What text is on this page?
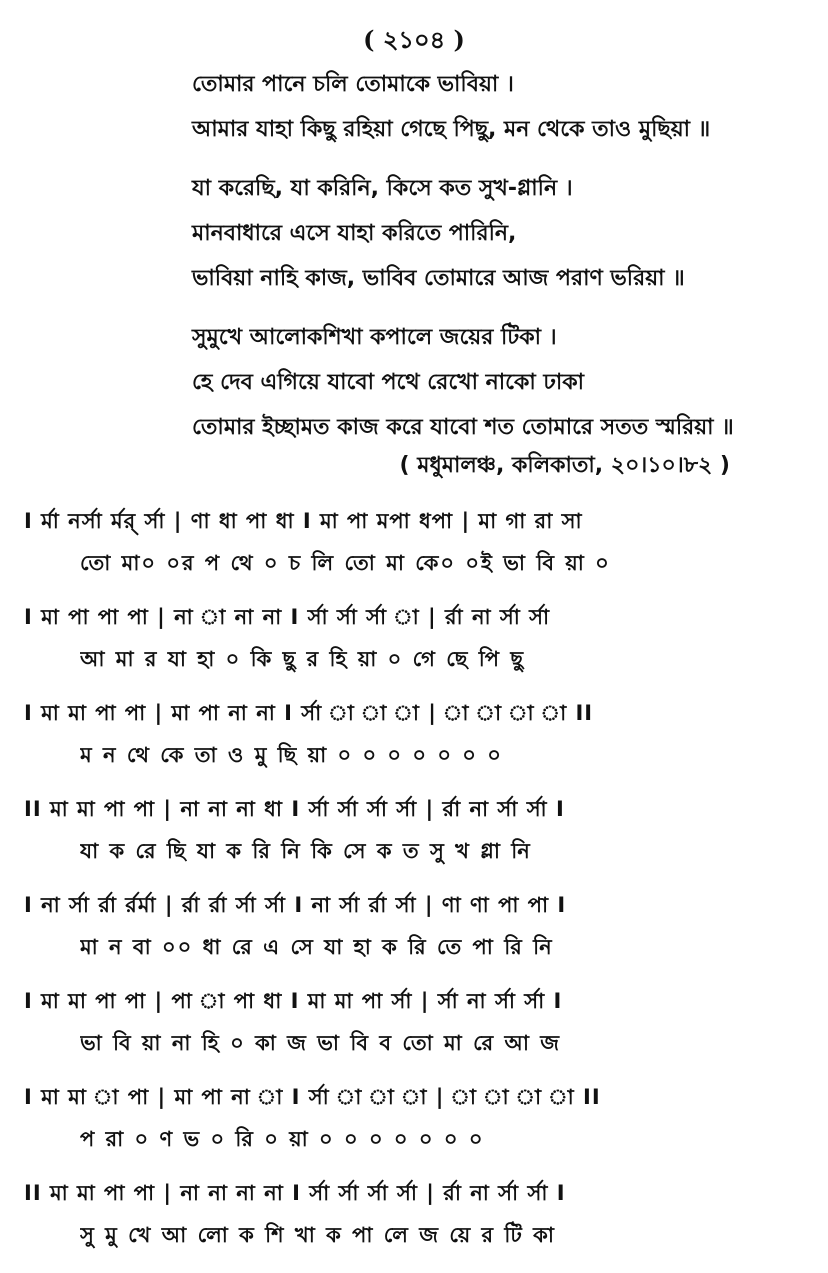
( ২১০৪ )
তোমার পানে চলি তোমাকে ভাবিয়া ।
আমার যাহা কিছু রহিয়া গেছে পিছু, মন থেকে তাও মুছিয়া ॥
যা করেছি, যা করিনি, কিসে কত সুখ-গ্লানি ।
মানবাধারে এসে যাহা করিতে পারিনি,
ভাবিয়া নাহি কাজ, ভাবিব তোমারে আজ পরাণ ভরিয়া ॥
সুমুখে আলোকশিখা কপালে জয়ের টিকা ।
হে দেব এগিয়ে যাবো পথে রেখো নাকো ঢাকা
তোমার ইচ্ছামত কাজ করে যাবো শত তোমারে সতত স্মরিয়া ॥
( মধুমালঞ্চ, কলিকাতা, ২০।১০।৮২ )
I র্মা নর্সা র্মর্ র্সা | ণা ধা পা ধা I মা পা মপা ধপা | মা গা রা সা
তো মা০ ০র প থে ০ চ লি তো মা কে০ ০ই ভা বি য়া ০
I মা পা পা পা | না া না না I র্সা র্সা র্সা া | র্রা না র্সা র্সা
আ মা র যা হা ০ কি ছু র হি য়া ০ গে ছে পি ছু
I মা মা পা পা | মা পা না না I র্সা া া া | া া া া II
ম ন থে কে তা ও মু ছি য়া ০ ০ ০ ০ ০ ০ ০
II মা মা পা পা | না না না ধা I র্সা র্সা র্সা র্সা | র্রা না র্সা র্সা I
যা ক রে ছি যা ক রি নি কি সে ক ত সু খ গ্লা নি
I না র্সা র্রা র্রর্মা | র্রা র্রা র্সা র্সা I না র্সা র্রা র্সা | ণা ণা পা পা I
মা ন বা ০০ ধা রে এ সে যা হা ক রি তে পা রি নি
I মা মা পা পা | পা া পা ধা I মা মা পা র্সা | র্সা না র্সা র্সা I
ভা বি য়া না হি ০ কা জ ভা বি ব তো মা রে আ জ
I মা মা া পা | মা পা না া I র্সা া া া | া া া া II
প রা ০ ণ ভ ০ রি ০ য়া ০ ০ ০ ০ ০ ০ ০
II মা মা পা পা | না না না না I র্সা র্সা র্সা র্সা | র্রা না র্সা র্সা I
সু মু খে আ লো ক শি খা ক পা লে জ য়ে র টি কা
